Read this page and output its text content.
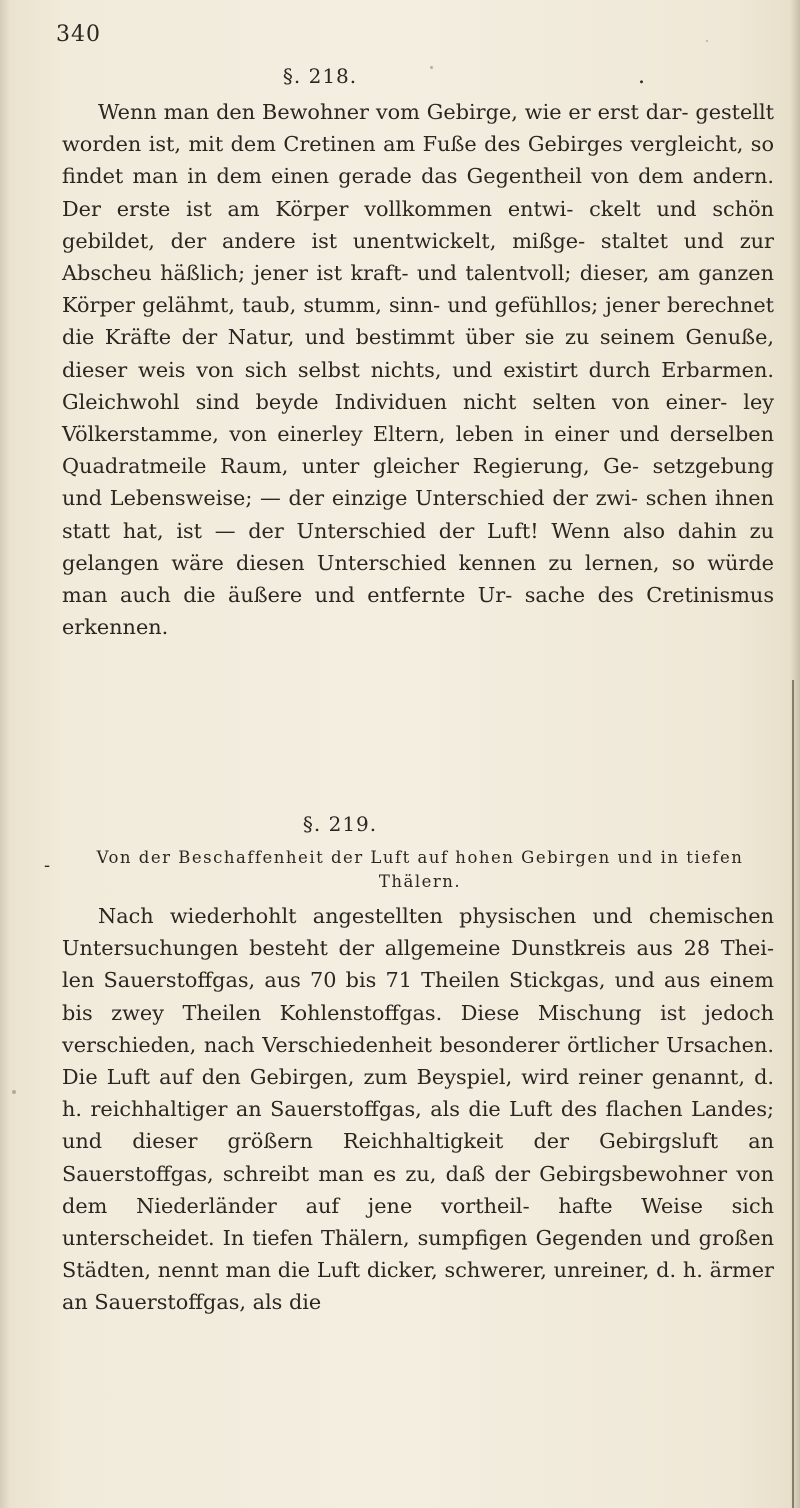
340
§. 218.	.

Wenn man den Bewohner vom Gebirge, wie er erst dar- gestellt worden ist, mit dem Cretinen am Fuße des Gebirges vergleicht, so findet man in dem einen gerade das Gegentheil von dem andern. Der erste ist am Körper vollkommen entwi- ckelt und schön gebildet, der andere ist unentwickelt, mißge- staltet und zur Abscheu häßlich; jener ist kraft- und talentvoll; dieser, am ganzen Körper gelähmt, taub, stumm, sinn- und gefühllos; jener berechnet die Kräfte der Natur, und bestimmt über sie zu seinem Genuße, dieser weis von sich selbst nichts, und existirt durch Erbarmen. Gleichwohl sind beyde Individuen nicht selten von einer- ley Völkerstamme, von einerley Eltern, leben in einer und derselben Quadratmeile Raum, unter gleicher Regierung, Ge- setzgebung und Lebensweise; — der einzige Unterschied der zwi- schen ihnen statt hat, ist — der Unterschied der Luft! Wenn also dahin zu gelangen wäre diesen Unterschied kennen zu lernen, so würde man auch die äußere und entfernte Ur- sache des Cretinismus erkennen.

§. 219.
-	Von der Beschaffenheit der Luft auf hohen Gebirgen und in tiefen Thälern.

Nach wiederhohlt angestellten physischen und chemischen Untersuchungen besteht der allgemeine Dunstkreis aus 28 Thei- len Sauerstoffgas, aus 70 bis 71 Theilen Stickgas, und aus einem bis zwey Theilen Kohlenstoffgas. Diese Mischung ist jedoch verschieden, nach Verschiedenheit besonderer örtlicher Ursachen. Die Luft auf den Gebirgen, zum Beyspiel, wird reiner genannt, d. h. reichhaltiger an Sauerstoffgas, als die Luft des flachen Landes; und dieser größern Reichhaltigkeit der Gebirgsluft an Sauerstoffgas, schreibt man es zu, daß der Gebirgsbewohner von dem Niederländer auf jene vortheil- hafte Weise sich unterscheidet. In tiefen Thälern, sumpfigen Gegenden und großen Städten, nennt man die Luft dicker, schwerer, unreiner, d. h. ärmer an Sauerstoffgas, als die
